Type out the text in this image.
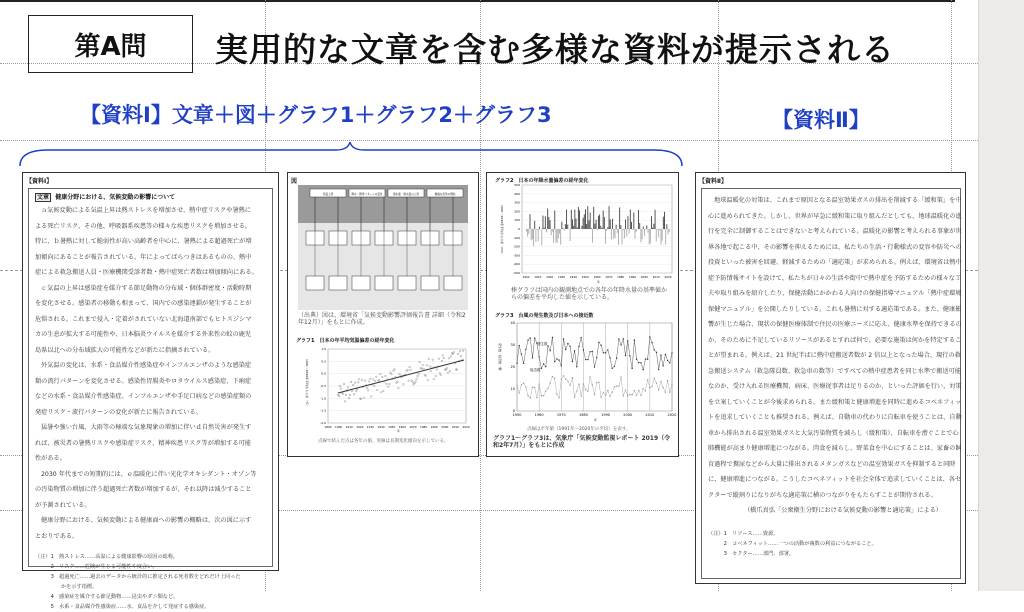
第A問 実用的な文章を含む多様な資料が提示される
【資料Ⅰ】文章＋図＋グラフ1＋グラフ2＋グラフ3	【資料Ⅱ】
【資料Ⅰ】
文章 健康分野における、気候変動の影響について
ａ気候変動による気温上昇は熱ストレスを増加させ、熱中症リスクや暑熱に
よる死亡リスク、その他、呼吸器系疾患等の様々な疾患リスクを増加させる。
特に、ｂ暑熱に対して脆弱性が高い高齢者を中心に、暑熱による超過死亡が増
加傾向にあることが報告されている。年によってばらつきはあるものの、熱中
症による救急搬送人員・医療機関受診者数・熱中症死亡者数は増加傾向にある。
ｃ気温の上昇は感染症を媒介する節足動物の分布域・個体群密度・活動時期
を変化させる。感染者の移動も相まって、国内での感染連鎖が発生することが
危惧される。これまで侵入・定着がされていない北海道南部でもヒトスジシマ
カの生息が拡大する可能性や、日本脳炎ウイルスを媒介する外来性の蚊の鹿児
島県以北への分布域拡大の可能性などが新たに指摘されている。
外気温の変化は、水系・食品媒介性感染症やインフルエンザのような感染症
類の流行パターンを変化させる。感染性胃腸炎やロタウイルス感染症、下痢症
などの水系・食品媒介性感染症、インフルエンザや手足口病などの感染症類の
発症リスク・流行パターンの変化が新たに報告されている。
猛暑や強い台風、大雨等の極端な気象現象の増加に伴いｄ自然災害が発生す
れば、被災者の暑熱リスクや感染症リスク、精神疾患リスク等が増加する可能
性がある。
2030 年代までの短期的には、ｅ温暖化に伴い光化学オキシダント・オゾン等
の汚染物質の増加に伴う超過死亡者数が増加するが、それ以降は減少すること
が予測されている。
健康分野における、気候変動による健康面への影響の概略は、次の図に示す
とおりである。
（注）1　熱ストレス……高温による健康影響の原因の総称。
　　　2　リスク……危険が生じる可能性や度合い。
　　　3　超過死亡……過去のデータから統計的に推定される死者数をどれだけ上回った
　　　　　かを示す指標。
　　　4　感染症を媒介する節足動物……昆虫やダニ類など。
　　　5　水系・食品媒介性感染症……水、食品を介して発症する感染症。
図
気温上昇	降水・降雪パターンの変化	海水面・海水温の上昇	極端な気象の増加
1.0
0.5
0.0
-0.5
-1.0
-1.5
-2.0
1890 1900 1910 1920 1930 1940 1950 1960 1970 1980 1990 2000 2010 2020
年
1991〜2020年平均からの差（℃）
（出典）図は、環境省「気候変動影響評価報告書 詳細（令和2年12月）」をもとに作成。
グラフ1　日本の年平均気温偏差の経年変化
点線で結んだ点は各年の値、実線は長期変化傾向を示している。
グラフ2　日本の年降水量偏差の経年変化
500
400
300
200
100
0
-100
-200
-300
-400
-500
1900 1910 1920 1930 1940 1950 1960 1970 1980 1990 2000 2010 2020
年
1991〜2020年平均からの差（mm）
40
30
20
10
0
1950	1960	1970	1980	1990	2000	2010	2020
年
発生数・接近数（個）	発生数
接近数
棒グラフは国内の観測地点での各年の年降水量の基準値からの偏差を平均した値を示している。
グラフ3　台風の発生数及び日本への接近数
点線は平年値（1991年〜2020年の平均）を表す。
グラフ1〜グラフ3は、気象庁「気候変動監視レポート 2019（令和2年7月）」をもとに作成
【資料Ⅱ】
地球温暖化の対策は、これまで原因となる温室効果ガスの排出を削減する「緩和策」を中
心に進められてきた。しかし、世界が早急に緩和策に取り組んだとしても、地球温暖化の進
行を完全に制御することはできないと考えられている。温暖化の影響と考えられる事象が世
界各地で起こる中、その影響を抑えるためには、私たちの生活・行動様式の変容や防災への
投資といった被害を回避、軽減するための「適応策」が求められる。例えば、環境省は熱中
症予防情報サイトを設けて、私たちが日々の生活や街中で熱中症を予防するための様々な工
夫や取り組みを紹介したり、保健活動にかかわる人向けの保健指導マニュアル「熱中症環境
保健マニュアル」を公開したりしている。これも暑熱に対する適応策である。また、健康影
響が生じた場合、現状の保健医療体制で住民の医療ニーズに応え、健康水準を保持できるの
か、そのために不足しているリソースがあるとすれば何で、必要な施策は何かを特定するこ
とが望まれる。例えば、21 世紀半ばに熱中症搬送者数が 2 倍以上となった場合、現行の救
急搬送システム（救急隊員数、救急車の数等）ですべての熱中症患者を同じ水準で搬送可能
なのか、受け入れる医療機関、病床、医療従事者は足りるのか、といった評価を行い、対策
を立案していくことが今後求められる。また緩和策と健康増進を同時に進めるコベネフィッ
トを追求していくことも推奨される。例えば、自動車の代わりに自転車を使うことは、自動
車から排出される温室効果ガスと大気汚染物質を減らし（緩和策）、自転車を漕ぐことで心
肺機能が高まり健康増進につながる。肉食を減らし、野菜食を中心にすることは、家畜の飼
育過程で糞尿などから大量に排出されるメタンガスなどの温室効果ガスを抑制すると同時
に、健康増進につながる。こうしたコベネフィットを社会全体で追求していくことは、各セ
クターで縦割りになりがちな適応策に横のつながりをもたらすことが期待される。
（橋爪真弘「公衆衛生分野における気候変動の影響と適応策」による）
（注）1　リソース……資源。
　　　2　コベネフィット……一つの活動が複数の利益につながること。
　　　3　セクター……部門、部署。
